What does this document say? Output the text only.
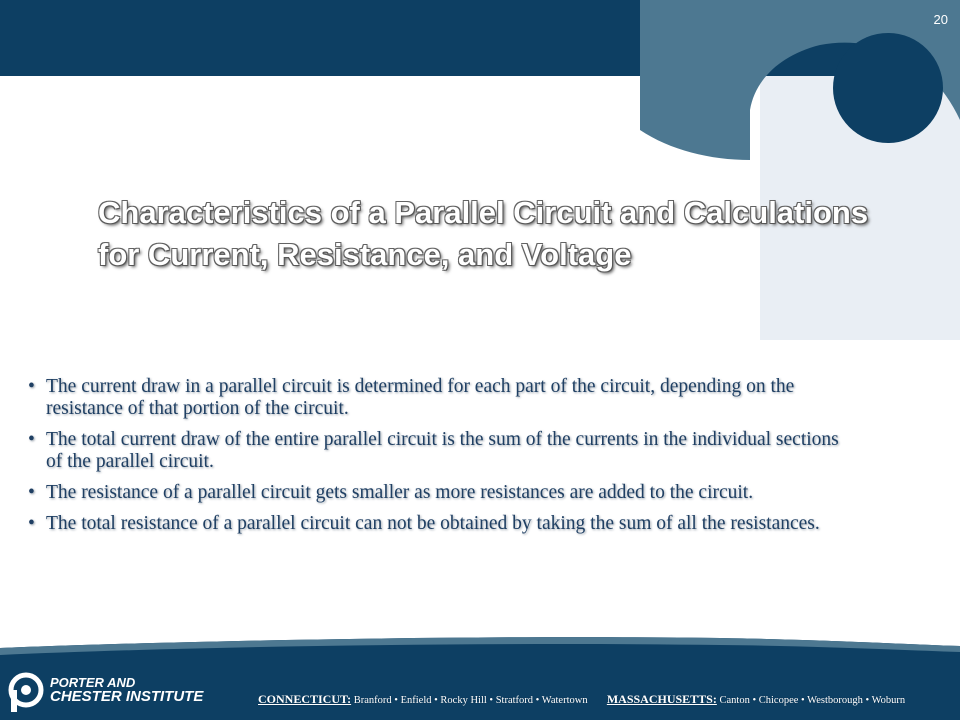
20
Characteristics of a Parallel Circuit and Calculations
for Current, Resistance, and Voltage
• The current draw in a parallel circuit is determined for each part of the circuit, depending on the resistance of that portion of the circuit.
• The total current draw of the entire parallel circuit is the sum of the currents in the individual sections of the parallel circuit.
• The resistance of a parallel circuit gets smaller as more resistances are added to the circuit.
• The total resistance of a parallel circuit can not be obtained by taking the sum of all the resistances.
PORTER AND
CHESTER INSTITUTE	CONNECTICUT: Branford • Enfield • Rocky Hill • Stratford • Watertown MASSACHUSETTS: Canton • Chicopee • Westborough • Woburn
